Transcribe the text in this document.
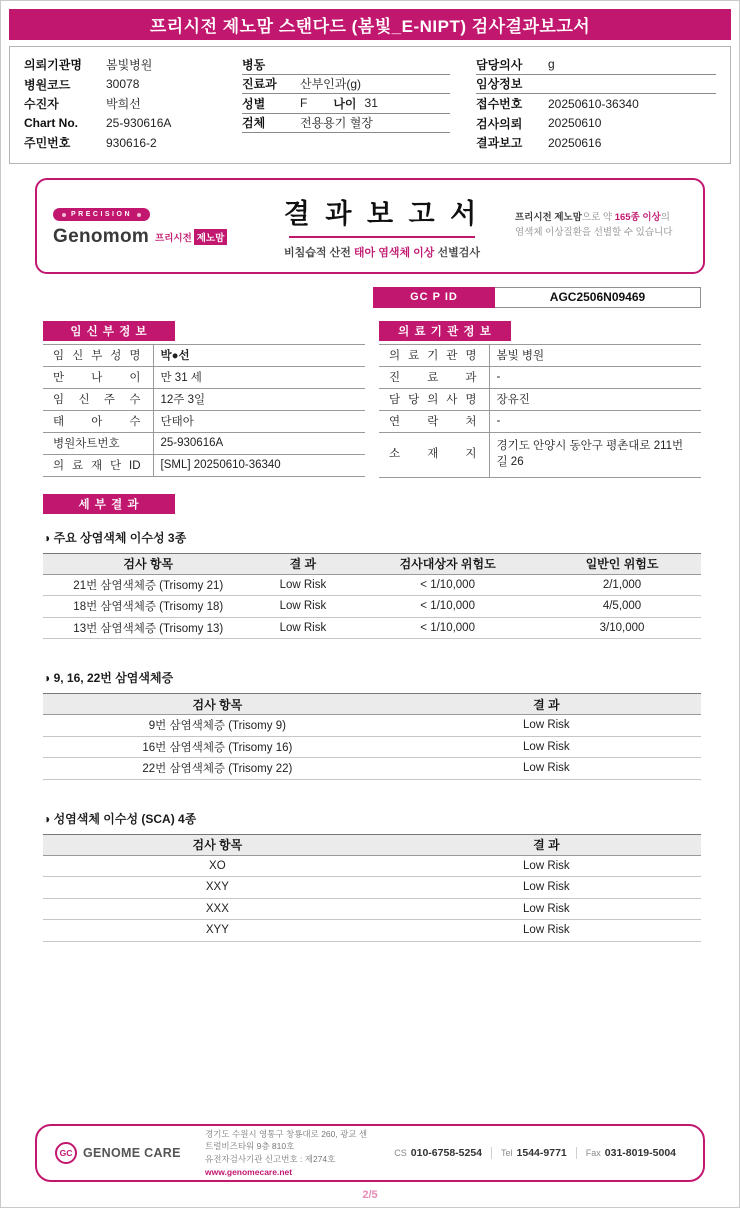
프리시전 제노맘 스탠다드 (봄빛_E-NIPT) 검사결과보고서
의뢰기관명	봄빛병원
병원코드	30078
수진자	박희선
Chart No.	25-930616A
주민번호	930616-2
병동
진료과	산부인과(g)
성별	F 나이 31
검체	전용용기 혈장
담당의사	g
임상정보
접수번호	20250610-36340
검사의뢰	20250610
결과보고	20250616
PRECISION
Genomom 프리시전 제노맘
결 과 보 고 서
비침습적 산전 태아 염색체 이상 선별검사
프리시전 제노맘으로 약 165종 이상의
염색체 이상질환을 선별할 수 있습니다
GC P ID	AGC2506N09469
임 신 부 정 보
임 신 부 성 명	박●선
만 나 이	만 31 세
임 신 주 수	12주 3일
태 아 수	단태아
병원차트번호	25-930616A
의 료 재 단 ID	[SML] 20250610-36340
의 료 기 관 정 보
의 료 기 관 명	봄빛 병원
진 료 과	-
담 당 의 사 명	장유진
연 락 처	-
소 재 지	경기도 안양시 동안구 평촌대로 211번길 26
세 부 결 과
◑ 주요 상염색체 이수성 3종
검사 항목	결 과	검사대상자 위험도	일반인 위험도
21번 삼염색체증 (Trisomy 21)	Low Risk	< 1/10,000	2/1,000
18번 삼염색체증 (Trisomy 18)	Low Risk	< 1/10,000	4/5,000
13번 삼염색체증 (Trisomy 13)	Low Risk	< 1/10,000	3/10,000
◑ 9, 16, 22번 삼염색체증
검사 항목	결 과
9번 삼염색체증 (Trisomy 9)	Low Risk
16번 삼염색체증 (Trisomy 16)	Low Risk
22번 삼염색체증 (Trisomy 22)	Low Risk
◑ 성염색체 이수성 (SCA) 4종
검사 항목	결 과
XO	Low Risk
XXY	Low Risk
XXX	Low Risk
XYY	Low Risk
GC GENOME CARE
경기도 수원시 영통구 창룡대로 260, 광교 센트럴비즈타워 9층 810호
유전자검사기관 신고번호 : 제274호
www.genomecare.net
CS 010-6758-5254 Tel 1544-9771 Fax 031-8019-5004
2/5
